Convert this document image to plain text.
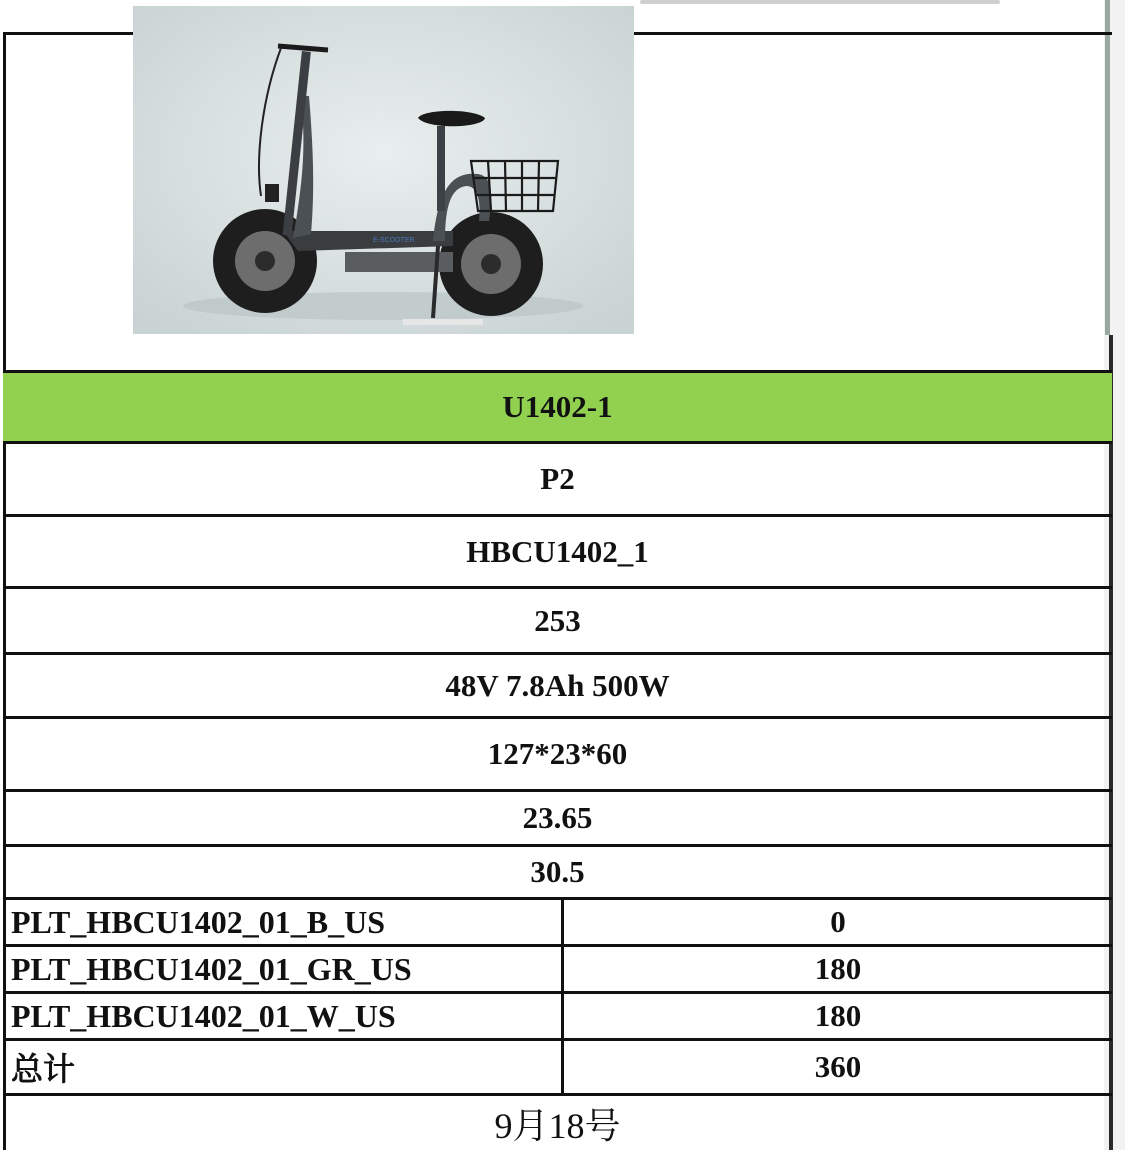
E-SCOOTER
U1402-1
P2
HBCU1402_1
253
48V 7.8Ah 500W
127*23*60
23.65
30.5
PLT_HBCU1402_01_B_US	0
PLT_HBCU1402_01_GR_US	180
PLT_HBCU1402_01_W_US	180
总计	360
9月18号
